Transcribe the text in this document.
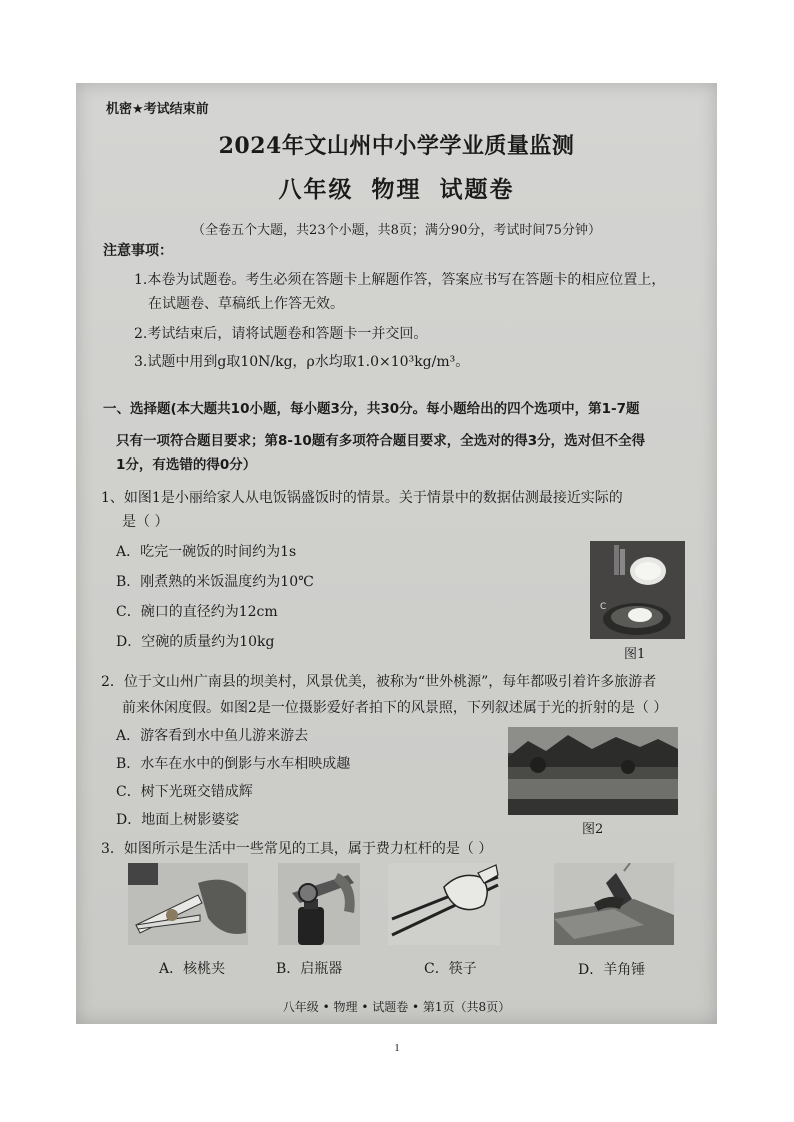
机密★考试结束前
2024年文山州中小学学业质量监测
八年级 物理 试题卷
（全卷五个大题，共23个小题，共8页；满分90分，考试时间75分钟）
注意事项：
1.本卷为试题卷。考生必须在答题卡上解题作答，答案应书写在答题卡的相应位置上，
在试题卷、草稿纸上作答无效。
2.考试结束后，请将试题卷和答题卡一并交回。
3.试题中用到g取10N/kg，ρ水均取1.0×10³kg/m³。
一、选择题(本大题共10小题，每小题3分，共30分。每小题给出的四个选项中，第1-7题
只有一项符合题目要求；第8-10题有多项符合题目要求，全选对的得3分，选对但不全得
1分，有选错的得0分）
1、如图1是小丽给家人从电饭锅盛饭时的情景。关于情景中的数据估测最接近实际的
是（ ）
A．吃完一碗饭的时间约为1s
B．刚煮熟的米饭温度约为10℃
C．碗口的直径约为12cm
D．空碗的质量约为10kg
C
图1
2．位于文山州广南县的坝美村，风景优美，被称为“世外桃源”，每年都吸引着许多旅游者
前来休闲度假。如图2是一位摄影爱好者拍下的风景照，下列叙述属于光的折射的是（ ）
A．游客看到水中鱼儿游来游去
B．水车在水中的倒影与水车相映成趣
C．树下光斑交错成辉
D．地面上树影婆娑
图2
3．如图所示是生活中一些常见的工具，属于费力杠杆的是（ ）
A．核桃夹	B．启瓶器	C．筷子	D．羊角锤
八年级 • 物理 • 试题卷 • 第1页（共8页）
1
